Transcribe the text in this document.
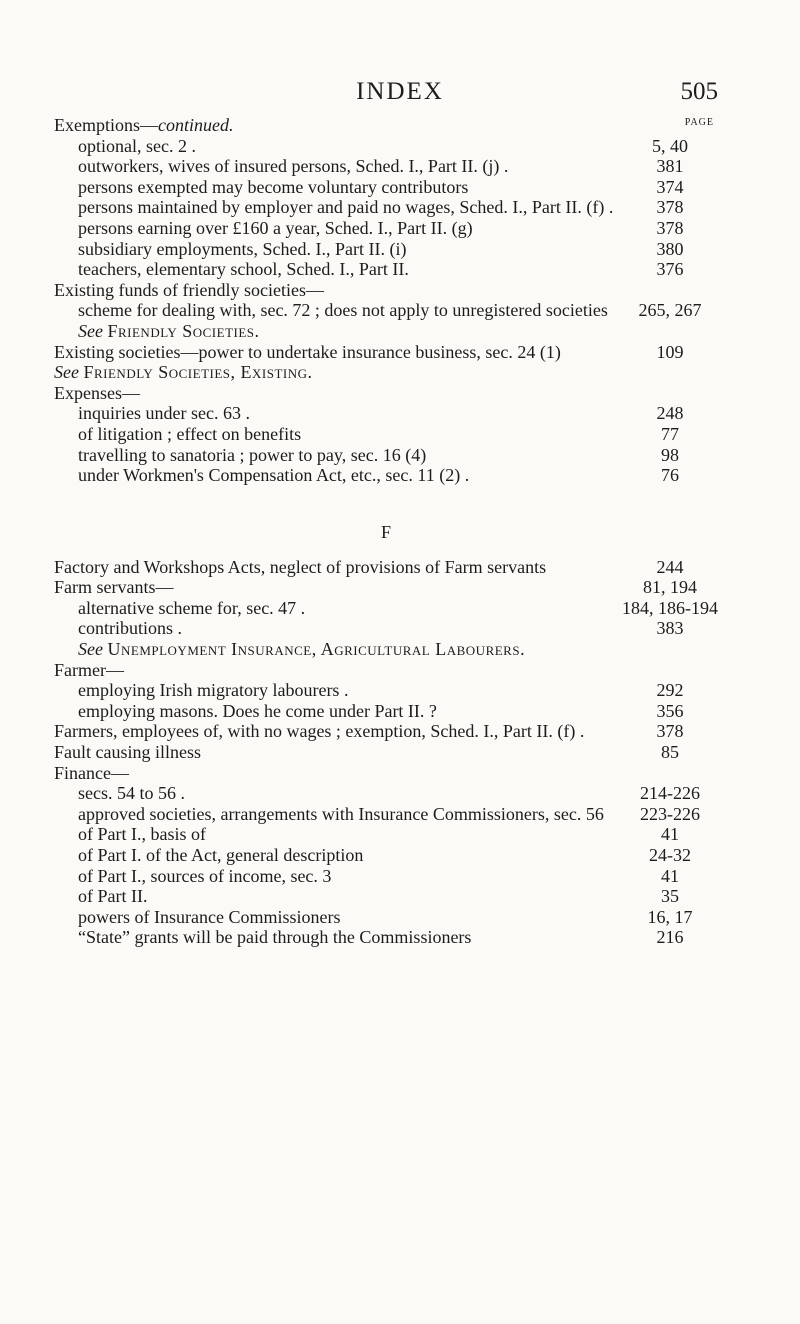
INDEX	505
PAGE
Exemptions—continued.
optional, sec. 2 .	5, 40
outworkers, wives of insured persons, Sched. I., Part II. (j) .	381
persons exempted may become voluntary contributors	374
persons maintained by employer and paid no wages, Sched. I., Part II. (f) .	378
persons earning over £160 a year, Sched. I., Part II. (g)	378
subsidiary employments, Sched. I., Part II. (i)	380
teachers, elementary school, Sched. I., Part II.	376
Existing funds of friendly societies—
scheme for dealing with, sec. 72 ; does not apply to unregistered societies	265, 267
See Friendly Societies.
Existing societies—power to undertake insurance business, sec. 24 (1)	109
See Friendly Societies, Existing.
Expenses—
inquiries under sec. 63 .	248
of litigation ; effect on benefits	77
travelling to sanatoria ; power to pay, sec. 16 (4)	98
under Workmen's Compensation Act, etc., sec. 11 (2) .	76
F
Factory and Workshops Acts, neglect of provisions of Farm servants	244
Farm servants—	81, 194
alternative scheme for, sec. 47 .	184, 186-194
contributions .	383
See Unemployment Insurance, Agricultural Labourers.
Farmer—
employing Irish migratory labourers .	292
employing masons. Does he come under Part II. ?	356
Farmers, employees of, with no wages ; exemption, Sched. I., Part II. (f) .	378
Fault causing illness	85
Finance—
secs. 54 to 56 .	214-226
approved societies, arrangements with Insurance Commissioners, sec. 56	223-226
of Part I., basis of	41
of Part I. of the Act, general description	24-32
of Part I., sources of income, sec. 3	41
of Part II.	35
powers of Insurance Commissioners	16, 17
“State” grants will be paid through the Commissioners	216
